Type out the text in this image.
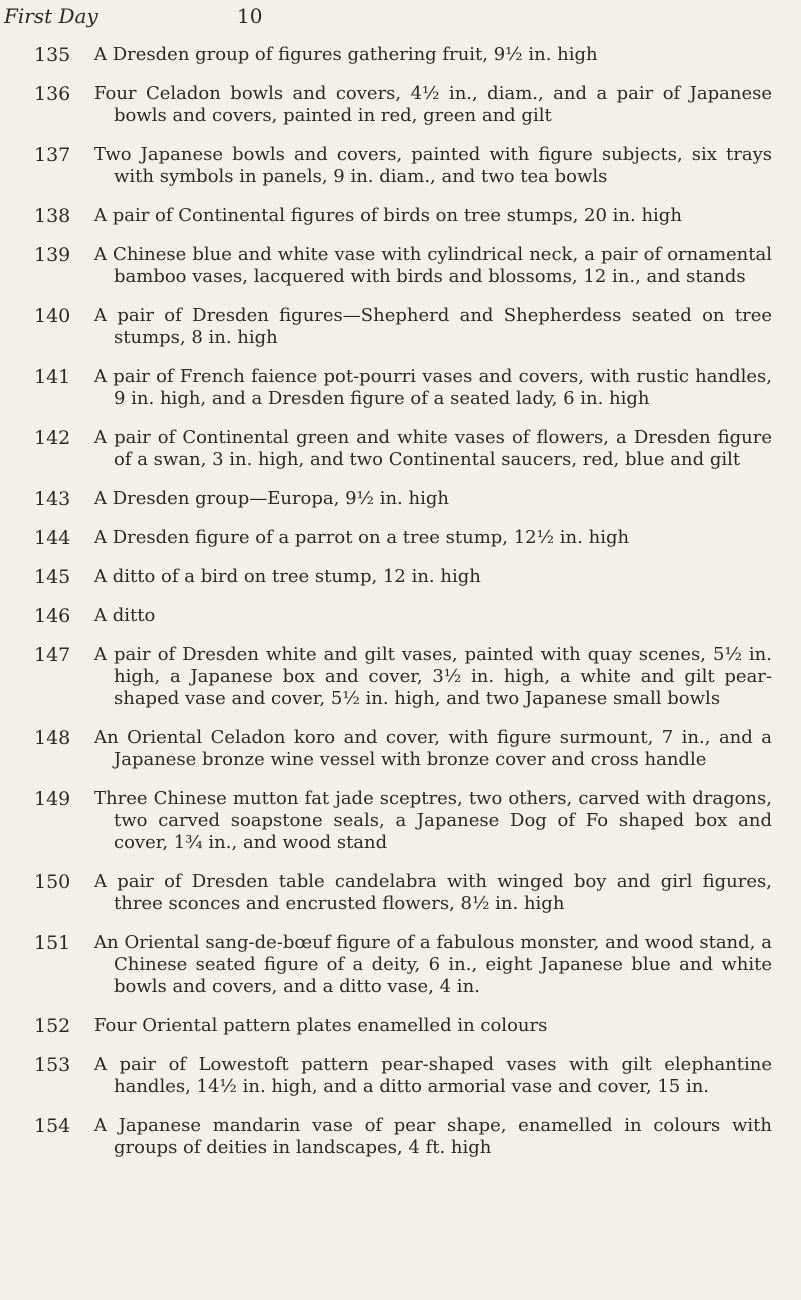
First Day	10
135	A Dresden group of figures gathering fruit, 9½ in. high
136	Four Celadon bowls and covers, 4½ in., diam., and a pair of Japanese bowls and covers, painted in red, green and gilt
137	Two Japanese bowls and covers, painted with figure subjects, six trays with symbols in panels, 9 in. diam., and two tea bowls
138	A pair of Continental figures of birds on tree stumps, 20 in. high
139	A Chinese blue and white vase with cylindrical neck, a pair of ornamental bamboo vases, lacquered with birds and blossoms, 12 in., and stands
140	A pair of Dresden figures—Shepherd and Shepherdess seated on tree stumps, 8 in. high
141	A pair of French faience pot-pourri vases and covers, with rustic handles, 9 in. high, and a Dresden figure of a seated lady, 6 in. high
142	A pair of Continental green and white vases of flowers, a Dresden figure of a swan, 3 in. high, and two Continental saucers, red, blue and gilt
143	A Dresden group—Europa, 9½ in. high
144	A Dresden figure of a parrot on a tree stump, 12½ in. high
145	A ditto of a bird on tree stump, 12 in. high
146	A ditto
147	A pair of Dresden white and gilt vases, painted with quay scenes, 5½ in. high, a Japanese box and cover, 3½ in. high, a white and gilt pear-shaped vase and cover, 5½ in. high, and two Japanese small bowls
148	An Oriental Celadon koro and cover, with figure surmount, 7 in., and a Japanese bronze wine vessel with bronze cover and cross handle
149	Three Chinese mutton fat jade sceptres, two others, carved with dragons, two carved soapstone seals, a Japanese Dog of Fo shaped box and cover, 1¾ in., and wood stand
150	A pair of Dresden table candelabra with winged boy and girl figures, three sconces and encrusted flowers, 8½ in. high
151	An Oriental sang-de-bœuf figure of a fabulous monster, and wood stand, a Chinese seated figure of a deity, 6 in., eight Japanese blue and white bowls and covers, and a ditto vase, 4 in.
152	Four Oriental pattern plates enamelled in colours
153	A pair of Lowestoft pattern pear-shaped vases with gilt elephantine handles, 14½ in. high, and a ditto armorial vase and cover, 15 in.
154	A Japanese mandarin vase of pear shape, enamelled in colours with groups of deities in landscapes, 4 ft. high
